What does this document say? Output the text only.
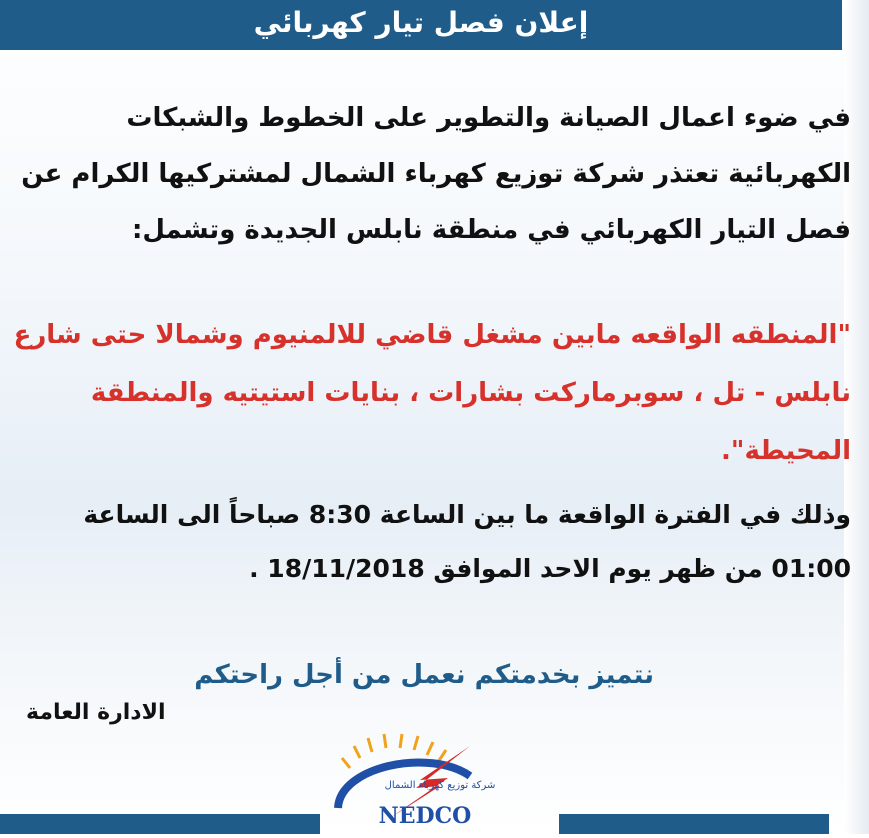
إعلان فصل تيار كهربائي
في ضوء اعمال الصيانة والتطوير على الخطوط والشبكات الكهربائية تعتذر شركة توزيع كهرباء الشمال لمشتركيها الكرام عن فصل التيار الكهربائي في منطقة نابلس الجديدة وتشمل:
"المنطقه الواقعه مابين مشغل قاضي للالمنيوم وشمالا حتى شارع نابلس - تل ، سوبرماركت بشارات ، بنايات استيتيه والمنطقة المحيطة".
وذلك في الفترة الواقعة ما بين الساعة 8:30 صباحاً الى الساعة 01:00 من ظهر يوم الاحد الموافق 18/11/2018 .
نتميز بخدمتكم نعمل من أجل راحتكم
الادارة العامة
شركة توزيع كهرباء الشمال
NEDCO
